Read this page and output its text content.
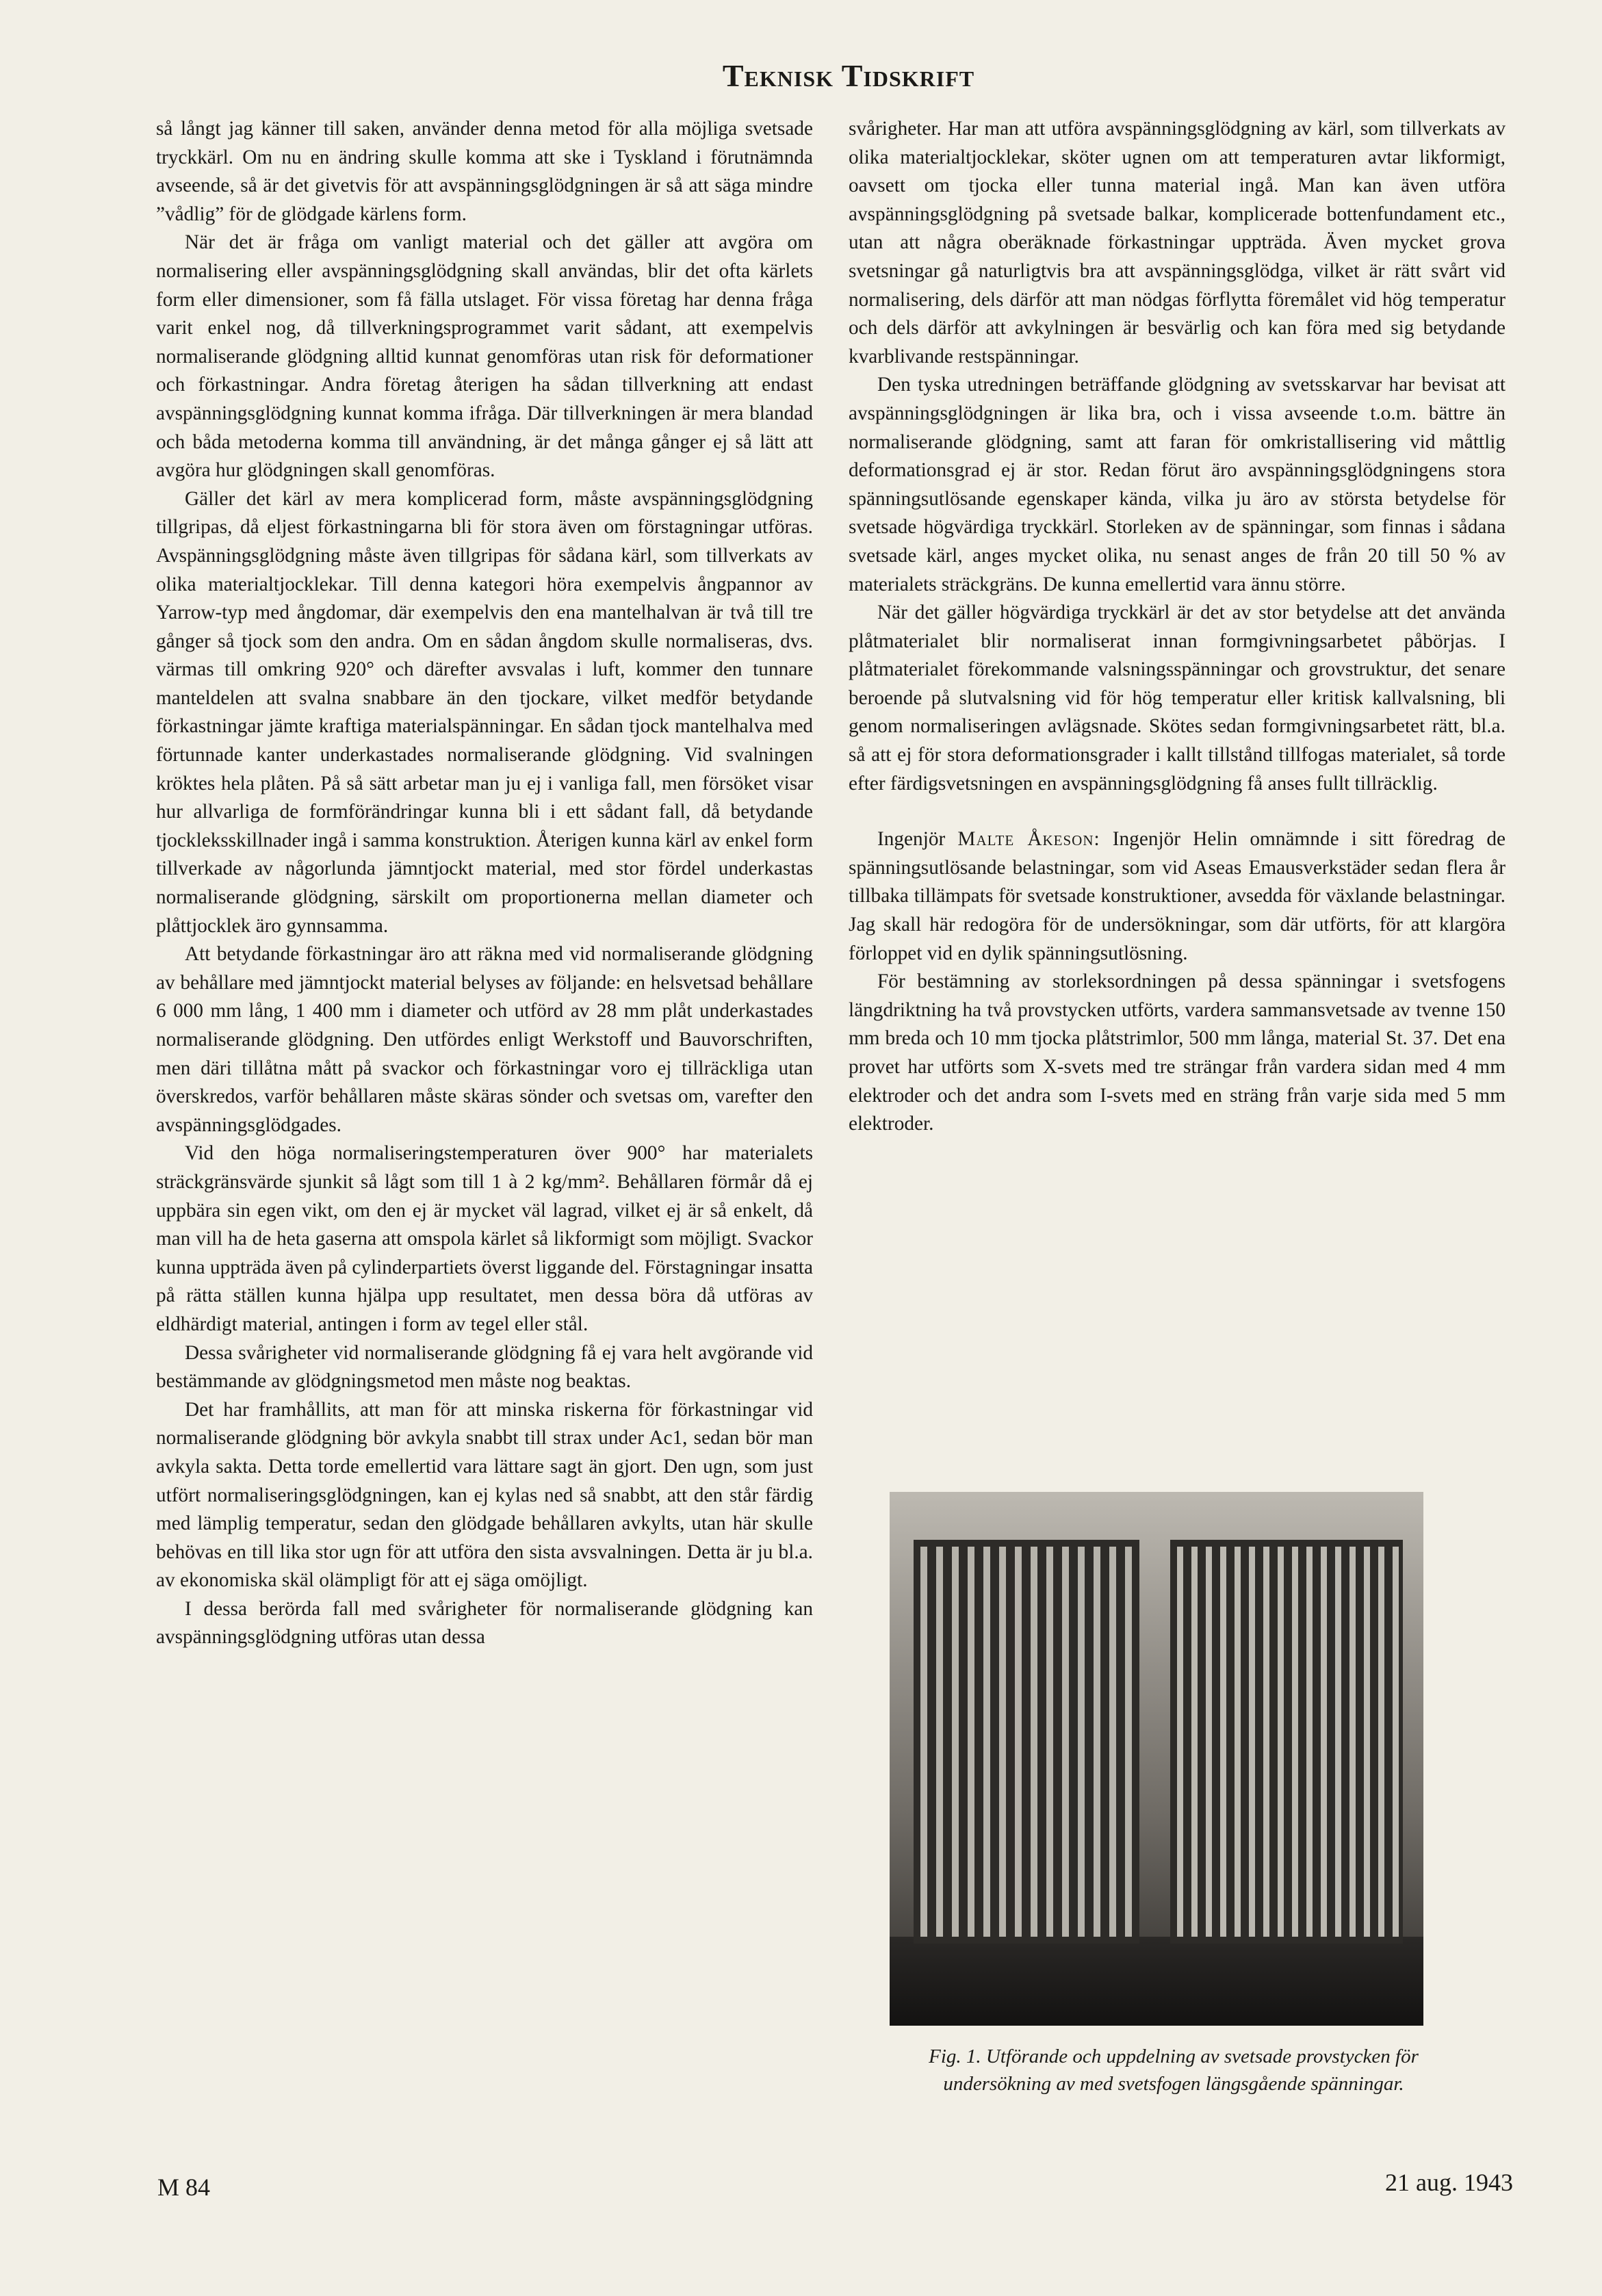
Teknisk Tidskrift

så långt jag känner till saken, använder denna metod för alla möjliga svetsade tryckkärl. Om nu en ändring skulle komma att ske i Tyskland i förutnämnda avseende, så är det givetvis för att avspänningsglödgningen är så att säga mindre ”vådlig” för de glödgade kärlens form.

När det är fråga om vanligt material och det gäller att avgöra om normalisering eller avspänningsglödgning skall användas, blir det ofta kärlets form eller dimensioner, som få fälla utslaget. För vissa företag har denna fråga varit enkel nog, då tillverkningsprogrammet varit sådant, att exempelvis normaliserande glödgning alltid kunnat genomföras utan risk för deformationer och förkastningar. Andra företag återigen ha sådan tillverkning att endast avspänningsglödgning kunnat komma ifråga. Där tillverkningen är mera blandad och båda metoderna komma till användning, är det många gånger ej så lätt att avgöra hur glödgningen skall genomföras.

Gäller det kärl av mera komplicerad form, måste avspänningsglödgning tillgripas, då eljest förkastningarna bli för stora även om förstagningar utföras. Avspänningsglödgning måste även tillgripas för sådana kärl, som tillverkats av olika materialtjocklekar. Till denna kategori höra exempelvis ångpannor av Yarrow-typ med ångdomar, där exempelvis den ena mantelhalvan är två till tre gånger så tjock som den andra. Om en sådan ångdom skulle normaliseras, dvs. värmas till omkring 920° och därefter avsvalas i luft, kommer den tunnare manteldelen att svalna snabbare än den tjockare, vilket medför betydande förkastningar jämte kraftiga materialspänningar. En sådan tjock mantelhalva med förtunnade kanter underkastades normaliserande glödgning. Vid svalningen kröktes hela plåten. På så sätt arbetar man ju ej i vanliga fall, men försöket visar hur allvarliga de formförändringar kunna bli i ett sådant fall, då betydande tjockleksskillnader ingå i samma konstruktion. Återigen kunna kärl av enkel form tillverkade av någorlunda jämntjockt material, med stor fördel underkastas normaliserande glödgning, särskilt om proportionerna mellan diameter och plåttjocklek äro gynnsamma.

Att betydande förkastningar äro att räkna med vid normaliserande glödgning av behållare med jämntjockt material belyses av följande: en helsvetsad behållare 6 000 mm lång, 1 400 mm i diameter och utförd av 28 mm plåt underkastades normaliserande glödgning. Den utfördes enligt Werkstoff und Bauvorschriften, men däri tillåtna mått på svackor och förkastningar voro ej tillräckliga utan överskredos, varför behållaren måste skäras sönder och svetsas om, varefter den avspänningsglödgades.

Vid den höga normaliseringstemperaturen över 900° har materialets sträckgränsvärde sjunkit så lågt som till 1 à 2 kg/mm². Behållaren förmår då ej uppbära sin egen vikt, om den ej är mycket väl lagrad, vilket ej är så enkelt, då man vill ha de heta gaserna att omspola kärlet så likformigt som möjligt. Svackor kunna uppträda även på cylinderpartiets överst liggande del. Förstagningar insatta på rätta ställen kunna hjälpa upp resultatet, men dessa böra då utföras av eldhärdigt material, antingen i form av tegel eller stål.

Dessa svårigheter vid normaliserande glödgning få ej vara helt avgörande vid bestämmande av glödgningsmetod men måste nog beaktas.

Det har framhållits, att man för att minska riskerna för förkastningar vid normaliserande glödgning bör avkyla snabbt till strax under Ac1, sedan bör man avkyla sakta. Detta torde emellertid vara lättare sagt än gjort. Den ugn, som just utfört normaliseringsglödgningen, kan ej kylas ned så snabbt, att den står färdig med lämplig temperatur, sedan den glödgade behållaren avkylts, utan här skulle behövas en till lika stor ugn för att utföra den sista avsvalningen. Detta är ju bl.a. av ekonomiska skäl olämpligt för att ej säga omöjligt.

I dessa berörda fall med svårigheter för normaliserande glödgning kan avspänningsglödgning utföras utan dessa

svårigheter. Har man att utföra avspänningsglödgning av kärl, som tillverkats av olika materialtjocklekar, sköter ugnen om att temperaturen avtar likformigt, oavsett om tjocka eller tunna material ingå. Man kan även utföra avspänningsglödgning på svetsade balkar, komplicerade bottenfundament etc., utan att några oberäknade förkastningar uppträda. Även mycket grova svetsningar gå naturligtvis bra att avspänningsglödga, vilket är rätt svårt vid normalisering, dels därför att man nödgas förflytta föremålet vid hög temperatur och dels därför att avkylningen är besvärlig och kan föra med sig betydande kvarblivande restspänningar.

Den tyska utredningen beträffande glödgning av svetsskarvar har bevisat att avspänningsglödgningen är lika bra, och i vissa avseende t.o.m. bättre än normaliserande glödgning, samt att faran för omkristallisering vid måttlig deformationsgrad ej är stor. Redan förut äro avspänningsglödgningens stora spänningsutlösande egenskaper kända, vilka ju äro av största betydelse för svetsade högvärdiga tryckkärl. Storleken av de spänningar, som finnas i sådana svetsade kärl, anges mycket olika, nu senast anges de från 20 till 50 % av materialets sträckgräns. De kunna emellertid vara ännu större.

När det gäller högvärdiga tryckkärl är det av stor betydelse att det använda plåtmaterialet blir normaliserat innan formgivningsarbetet påbörjas. I plåtmaterialet förekommande valsningsspänningar och grovstruktur, det senare beroende på slutvalsning vid för hög temperatur eller kritisk kallvalsning, bli genom normaliseringen avlägsnade. Skötes sedan formgivningsarbetet rätt, bl.a. så att ej för stora deformationsgrader i kallt tillstånd tillfogas materialet, så torde efter färdigsvetsningen en avspänningsglödgning få anses fullt tillräcklig.

Ingenjör Malte Åkeson: Ingenjör Helin omnämnde i sitt föredrag de spänningsutlösande belastningar, som vid Aseas Emausverkstäder sedan flera år tillbaka tillämpats för svetsade konstruktioner, avsedda för växlande belastningar. Jag skall här redogöra för de undersökningar, som där utförts, för att klargöra förloppet vid en dylik spänningsutlösning.

För bestämning av storleksordningen på dessa spänningar i svetsfogens längdriktning ha två provstycken utförts, vardera sammansvetsade av tvenne 150 mm breda och 10 mm tjocka plåtstrimlor, 500 mm långa, material St. 37. Det ena provet har utförts som X-svets med tre strängar från vardera sidan med 4 mm elektroder och det andra som I-svets med en sträng från varje sida med 5 mm elektroder.

Fig. 1. Utförande och uppdelning av svetsade provstycken för undersökning av med svetsfogen längsgående spänningar.
M 84	21 aug. 1943
